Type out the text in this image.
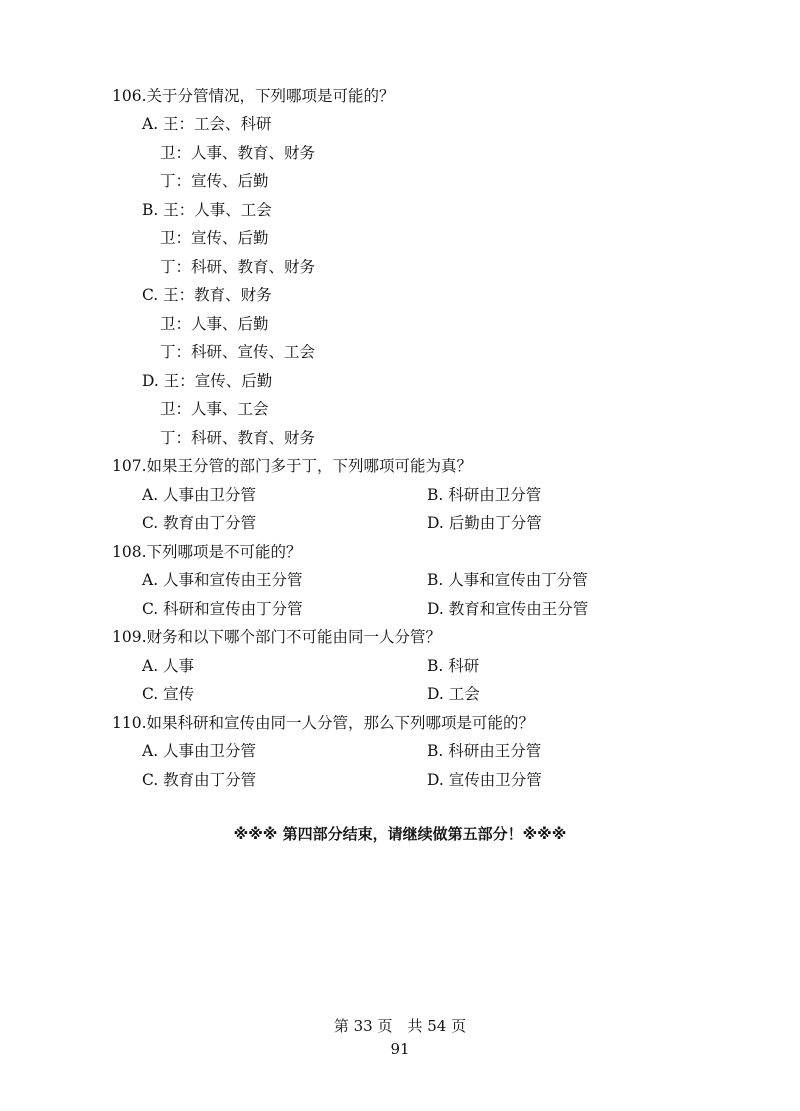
106.关于分管情况，下列哪项是可能的？
A. 王：工会、科研
卫：人事、教育、财务
丁：宣传、后勤
B. 王：人事、工会
卫：宣传、后勤
丁：科研、教育、财务
C. 王：教育、财务
卫：人事、后勤
丁：科研、宣传、工会
D. 王：宣传、后勤
卫：人事、工会
丁：科研、教育、财务
107.如果王分管的部门多于丁，下列哪项可能为真？
A. 人事由卫分管	B. 科研由卫分管
C. 教育由丁分管	D. 后勤由丁分管
108.下列哪项是不可能的？
A. 人事和宣传由王分管	B. 人事和宣传由丁分管
C. 科研和宣传由丁分管	D. 教育和宣传由王分管
109.财务和以下哪个部门不可能由同一人分管？
A. 人事	B. 科研
C. 宣传	D. 工会
110.如果科研和宣传由同一人分管，那么下列哪项是可能的？
A. 人事由卫分管	B. 科研由王分管
C. 教育由丁分管	D. 宣传由卫分管
※※※ 第四部分结束，请继续做第五部分！※※※
第 33 页　共 54 页
91
